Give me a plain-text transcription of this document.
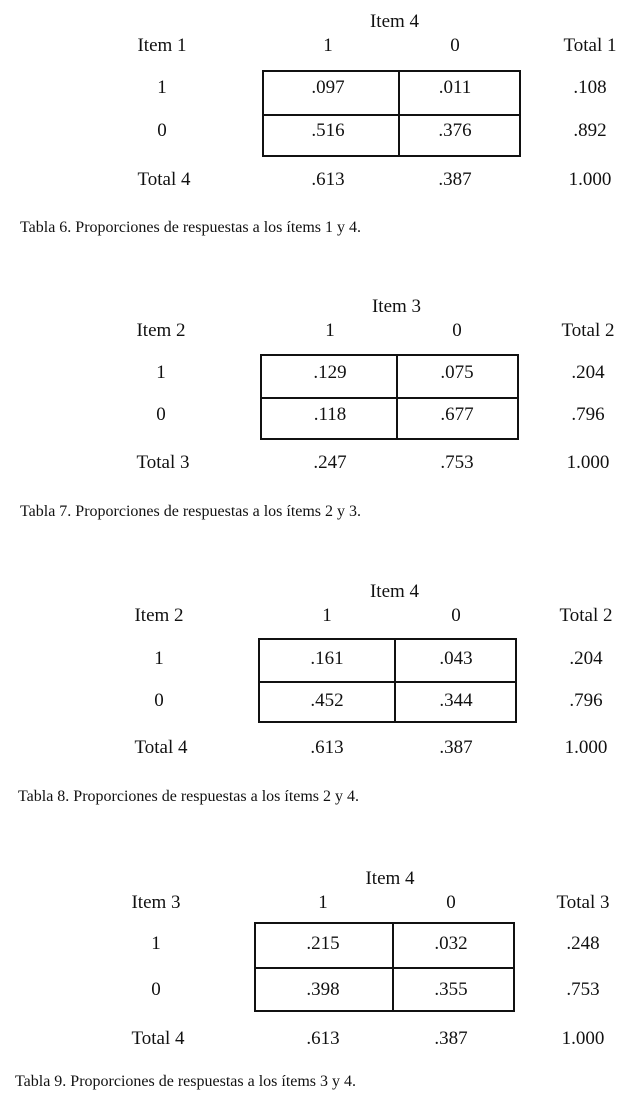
Item 4
Item 1	1	0	Total 1
1	.097	.011	.108
0	.516	.376	.892
Total 4	.613	.387	1.000
Tabla 6. Proporciones de respuestas a los ítems 1 y 4.
Item 3
Item 2	1	0	Total 2
1	.129	.075	.204
0	.118	.677	.796
Total 3	.247	.753	1.000
Tabla 7. Proporciones de respuestas a los ítems 2 y 3.
Item 4
Item 2	1	0	Total 2
1	.161	.043	.204
0	.452	.344	.796
Total 4	.613	.387	1.000
Tabla 8. Proporciones de respuestas a los ítems 2 y 4.
Item 4
Item 3	1	0	Total 3
1	.215	.032	.248
0	.398	.355	.753
Total 4	.613	.387	1.000
Tabla 9. Proporciones de respuestas a los ítems 3 y 4.
